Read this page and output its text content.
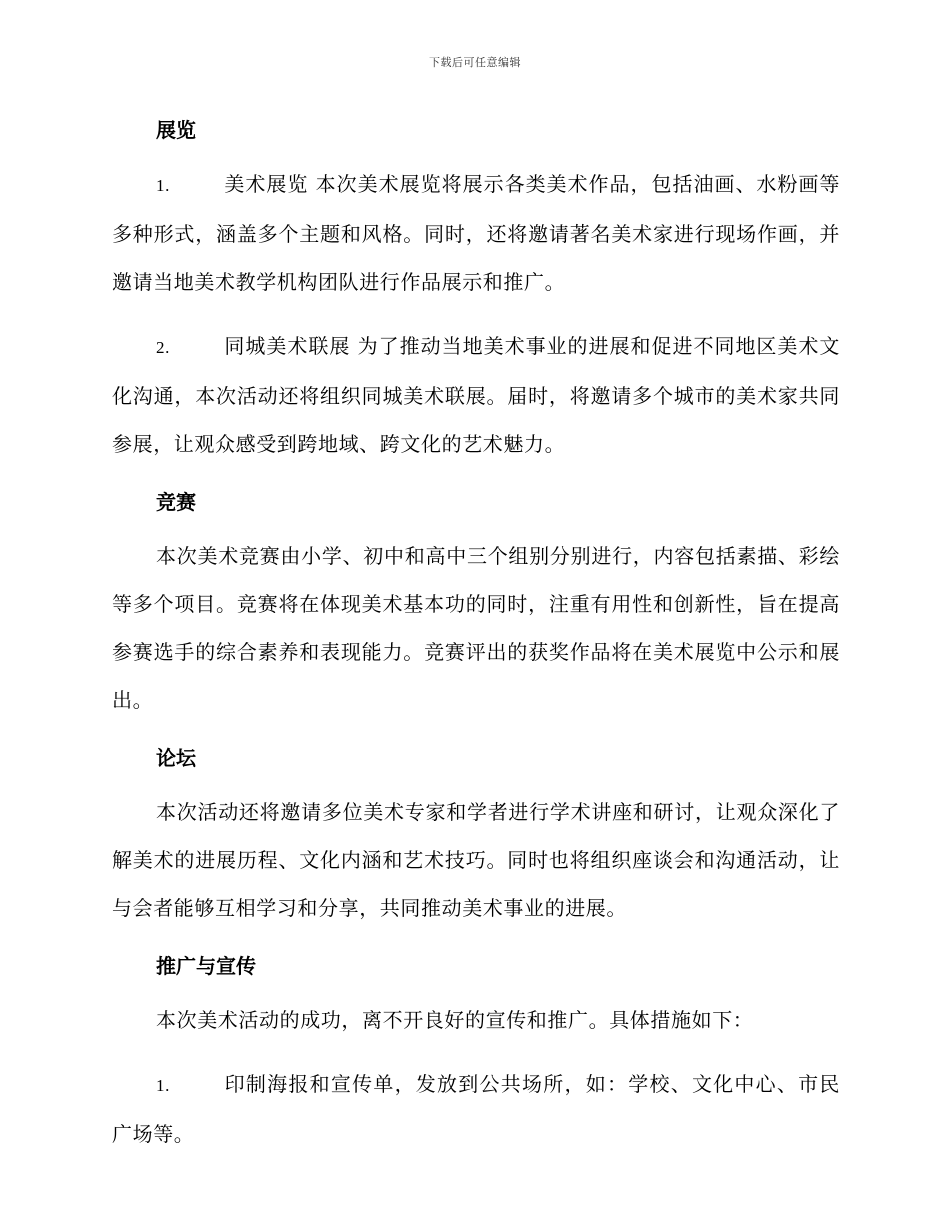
下载后可任意编辑
展览

1.	美术展览 本次美术展览将展示各类美术作品，包括油画、水粉画等多种形式，涵盖多个主题和风格。同时，还将邀请著名美术家进行现场作画，并邀请当地美术教学机构团队进行作品展示和推广。

2.	同城美术联展 为了推动当地美术事业的进展和促进不同地区美术文化沟通，本次活动还将组织同城美术联展。届时，将邀请多个城市的美术家共同参展，让观众感受到跨地域、跨文化的艺术魅力。

竞赛

本次美术竞赛由小学、初中和高中三个组别分别进行，内容包括素描、彩绘等多个项目。竞赛将在体现美术基本功的同时，注重有用性和创新性，旨在提高参赛选手的综合素养和表现能力。竞赛评出的获奖作品将在美术展览中公示和展出。

论坛

本次活动还将邀请多位美术专家和学者进行学术讲座和研讨，让观众深化了解美术的进展历程、文化内涵和艺术技巧。同时也将组织座谈会和沟通活动，让与会者能够互相学习和分享，共同推动美术事业的进展。

推广与宣传

本次美术活动的成功，离不开良好的宣传和推广。具体措施如下：

1.	印制海报和宣传单，发放到公共场所，如：学校、文化中心、市民广场等。
